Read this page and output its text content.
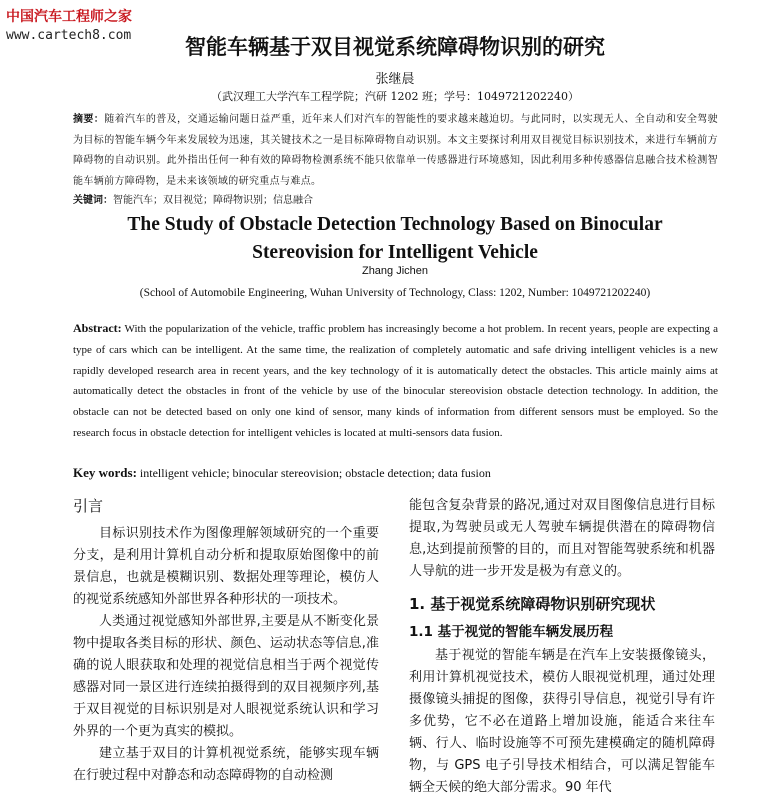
中国汽车工程师之家
www.cartech8.com	智能车辆基于双目视觉系统障碍物识别的研究
张继晨
（武汉理工大学汽车工程学院；汽研 1202 班；学号：1049721202240）
摘要：随着汽车的普及，交通运输问题日益严重，近年来人们对汽车的智能性的要求越来越迫切。与此同时，以实现无人、全自动和安全驾驶为目标的智能车辆今年来发展较为迅速，其关键技术之一是目标障碍物自动识别。本文主要探讨利用双目视觉目标识别技术，来进行车辆前方障碍物的自动识别。此外指出任何一种有效的障碍物检测系统不能只依靠单一传感器进行环境感知，因此利用多种传感器信息融合技术检测智能车辆前方障碍物，是未来该领域的研究重点与难点。
关键词：智能汽车；双目视觉；障碍物识别；信息融合
The Study of Obstacle Detection Technology Based on Binocular
Stereovision for Intelligent Vehicle
Zhang Jichen
(School of Automobile Engineering, Wuhan University of Technology, Class: 1202, Number: 1049721202240)
Abstract: With the popularization of the vehicle, traffic problem has increasingly become a hot problem. In recent years, people are expecting a type of cars which can be intelligent. At the same time, the realization of completely automatic and safe driving intelligent vehicles is a new rapidly developed research area in recent years, and the key technology of it is automatically detect the obstacles. This article mainly aims at automatically detect the obstacles in front of the vehicle by use of the binocular stereovision obstacle detection technology. In addition, the obstacle can not be detected based on only one kind of sensor, many kinds of information from different sensors must be employed. So the research focus in obstacle detection for intelligent vehicles is located at multi-sensors data fusion.
Key words: intelligent vehicle; binocular stereovision; obstacle detection; data fusion

引言

目标识别技术作为图像理解领域研究的一个重要分支，是利用计算机自动分析和提取原始图像中的前景信息，也就是模糊识别、数据处理等理论，模仿人的视觉系统感知外部世界各种形状的一项技术。

人类通过视觉感知外部世界,主要是从不断变化景物中提取各类目标的形状、颜色、运动状态等信息,准确的说人眼获取和处理的视觉信息相当于两个视觉传感器对同一景区进行连续拍摄得到的双目视频序列,基于双目视觉的目标识别是对人眼视觉系统认识和学习外界的一个更为真实的模拟。

建立基于双目的计算机视觉系统，能够实现车辆在行驶过程中对静态和动态障碍物的自动检测

能包含复杂背景的路况,通过对双目图像信息进行目标提取,为驾驶员或无人驾驶车辆提供潜在的障碍物信息,达到提前预警的目的，而且对智能驾驶系统和机器人导航的进一步开发是极为有意义的。

1. 基于视觉系统障碍物识别研究现状

1.1 基于视觉的智能车辆发展历程

基于视觉的智能车辆是在汽车上安装摄像镜头，利用计算机视觉技术，模仿人眼视觉机理，通过处理摄像镜头捕捉的图像，获得引导信息，视觉引导有许多优势，它不必在道路上增加设施，能适合来往车辆、行人、临时设施等不可预先建模确定的随机障碍物，与 GPS 电子引导技术相结合，可以满足智能车辆全天候的绝大部分需求。90 年代
